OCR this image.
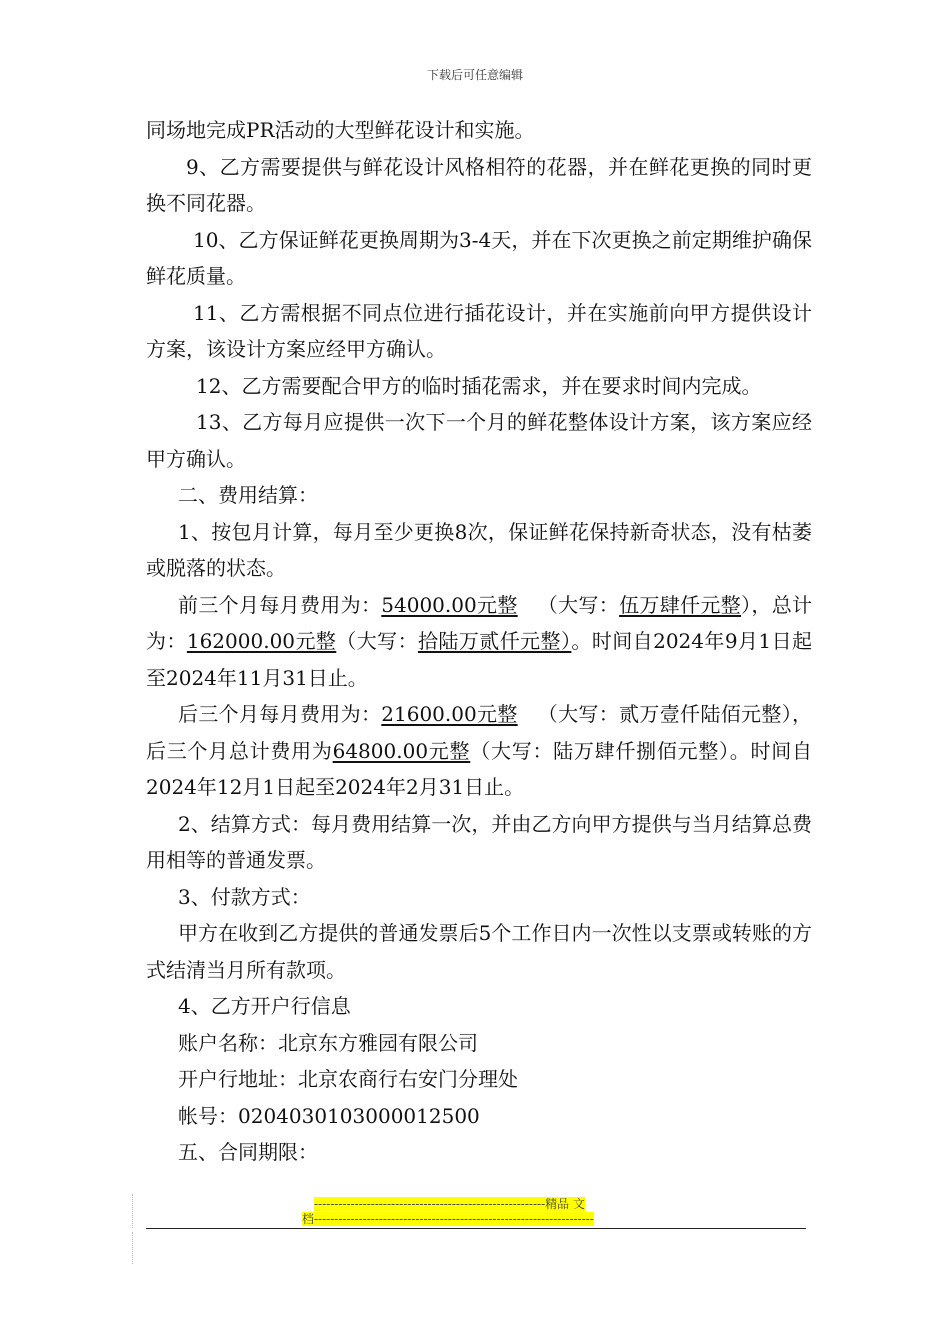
下载后可任意编辑

同场地完成PR活动的大型鲜花设计和实施。

9、乙方需要提供与鲜花设计风格相符的花器，并在鲜花更换的同时更换不同花器。

10、乙方保证鲜花更换周期为3-4天，并在下次更换之前定期维护确保鲜花质量。

11、乙方需根据不同点位进行插花设计，并在实施前向甲方提供设计方案，该设计方案应经甲方确认。

12、乙方需要配合甲方的临时插花需求，并在要求时间内完成。

13、乙方每月应提供一次下一个月的鲜花整体设计方案，该方案应经甲方确认。

二、费用结算：

1、按包月计算，每月至少更换8次，保证鲜花保持新奇状态，没有枯萎或脱落的状态。

前三个月每月费用为：54000.00元整 （大写：伍万肆仟元整），总计为：162000.00元整（大写：拾陆万贰仟元整）。时间自2024年9月1日起至2024年11月31日止。

后三个月每月费用为：21600.00元整 （大写：贰万壹仟陆佰元整），后三个月总计费用为64800.00元整（大写：陆万肆仟捌佰元整）。时间自2024年12月1日起至2024年2月31日止。

2、结算方式：每月费用结算一次，并由乙方向甲方提供与当月结算总费用相等的普通发票。

3、付款方式：

甲方在收到乙方提供的普通发票后5个工作日内一次性以支票或转账的方式结清当月所有款项。

4、乙方开户行信息

账户名称：北京东方雅园有限公司

开户行地址：北京农商行右安门分理处

帐号：0204030103000012500

五、合同期限：

---------------------------------------------------------精品 文
档---------------------------------------------------------------------
